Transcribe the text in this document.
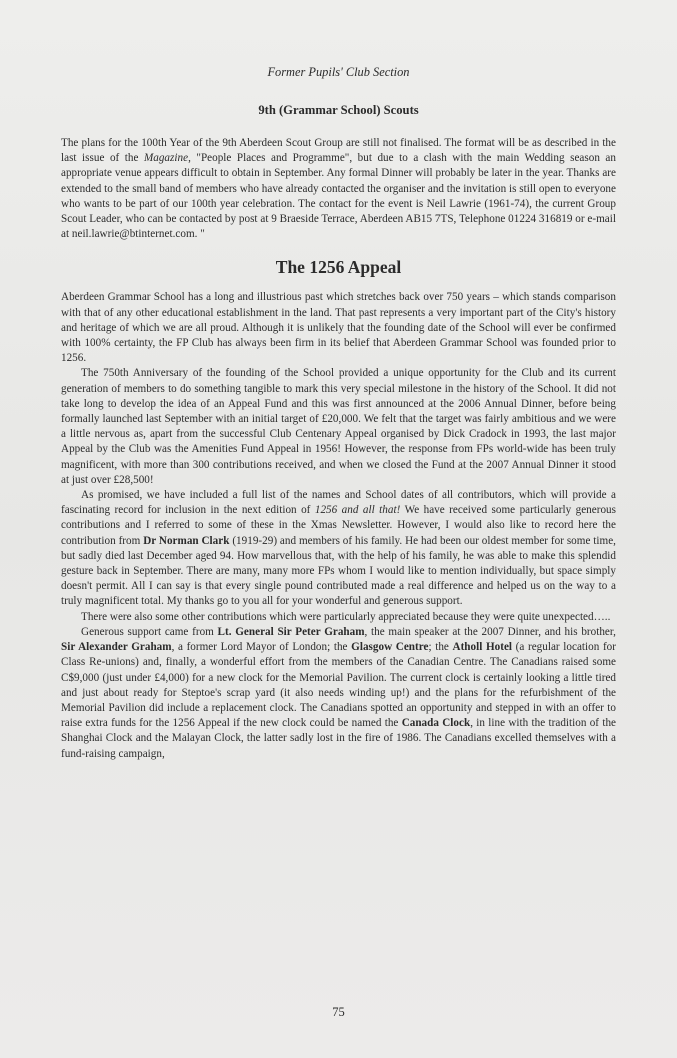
Former Pupils' Club Section
9th (Grammar School) Scouts

The plans for the 100th Year of the 9th Aberdeen Scout Group are still not finalised. The format will be as described in the last issue of the Magazine, "People Places and Programme", but due to a clash with the main Wedding season an appropriate venue appears difficult to obtain in September. Any formal Dinner will probably be later in the year. Thanks are extended to the small band of members who have already contacted the organiser and the invitation is still open to everyone who wants to be part of our 100th year celebration. The contact for the event is Neil Lawrie (1961-74), the current Group Scout Leader, who can be contacted by post at 9 Braeside Terrace, Aberdeen AB15 7TS, Telephone 01224 316819 or e-mail at neil.lawrie@btinternet.com. "

The 1256 Appeal

Aberdeen Grammar School has a long and illustrious past which stretches back over 750 years – which stands comparison with that of any other educational establishment in the land. That past represents a very important part of the City's history and heritage of which we are all proud. Although it is unlikely that the founding date of the School will ever be confirmed with 100% certainty, the FP Club has always been firm in its belief that Aberdeen Grammar School was founded prior to 1256.

The 750th Anniversary of the founding of the School provided a unique opportunity for the Club and its current generation of members to do something tangible to mark this very special milestone in the history of the School. It did not take long to develop the idea of an Appeal Fund and this was first announced at the 2006 Annual Dinner, before being formally launched last September with an initial target of £20,000. We felt that the target was fairly ambitious and we were a little nervous as, apart from the successful Club Centenary Appeal organised by Dick Cradock in 1993, the last major Appeal by the Club was the Amenities Fund Appeal in 1956! However, the response from FPs world-wide has been truly magnificent, with more than 300 contributions received, and when we closed the Fund at the 2007 Annual Dinner it stood at just over £28,500!

As promised, we have included a full list of the names and School dates of all contributors, which will provide a fascinating record for inclusion in the next edition of 1256 and all that! We have received some particularly generous contributions and I referred to some of these in the Xmas Newsletter. However, I would also like to record here the contribution from Dr Norman Clark (1919-29) and members of his family. He had been our oldest member for some time, but sadly died last December aged 94. How marvellous that, with the help of his family, he was able to make this splendid gesture back in September. There are many, many more FPs whom I would like to mention individually, but space simply doesn't permit. All I can say is that every single pound contributed made a real difference and helped us on the way to a truly magnificent total. My thanks go to you all for your wonderful and generous support.

There were also some other contributions which were particularly appreciated because they were quite unexpected…..

Generous support came from Lt. General Sir Peter Graham, the main speaker at the 2007 Dinner, and his brother, Sir Alexander Graham, a former Lord Mayor of London; the Glasgow Centre; the Atholl Hotel (a regular location for Class Re-unions) and, finally, a wonderful effort from the members of the Canadian Centre. The Canadians raised some C$9,000 (just under £4,000) for a new clock for the Memorial Pavilion. The current clock is certainly looking a little tired and just about ready for Steptoe's scrap yard (it also needs winding up!) and the plans for the refurbishment of the Memorial Pavilion did include a replacement clock. The Canadians spotted an opportunity and stepped in with an offer to raise extra funds for the 1256 Appeal if the new clock could be named the Canada Clock, in line with the tradition of the Shanghai Clock and the Malayan Clock, the latter sadly lost in the fire of 1986. The Canadians excelled themselves with a fund-raising campaign,

75
